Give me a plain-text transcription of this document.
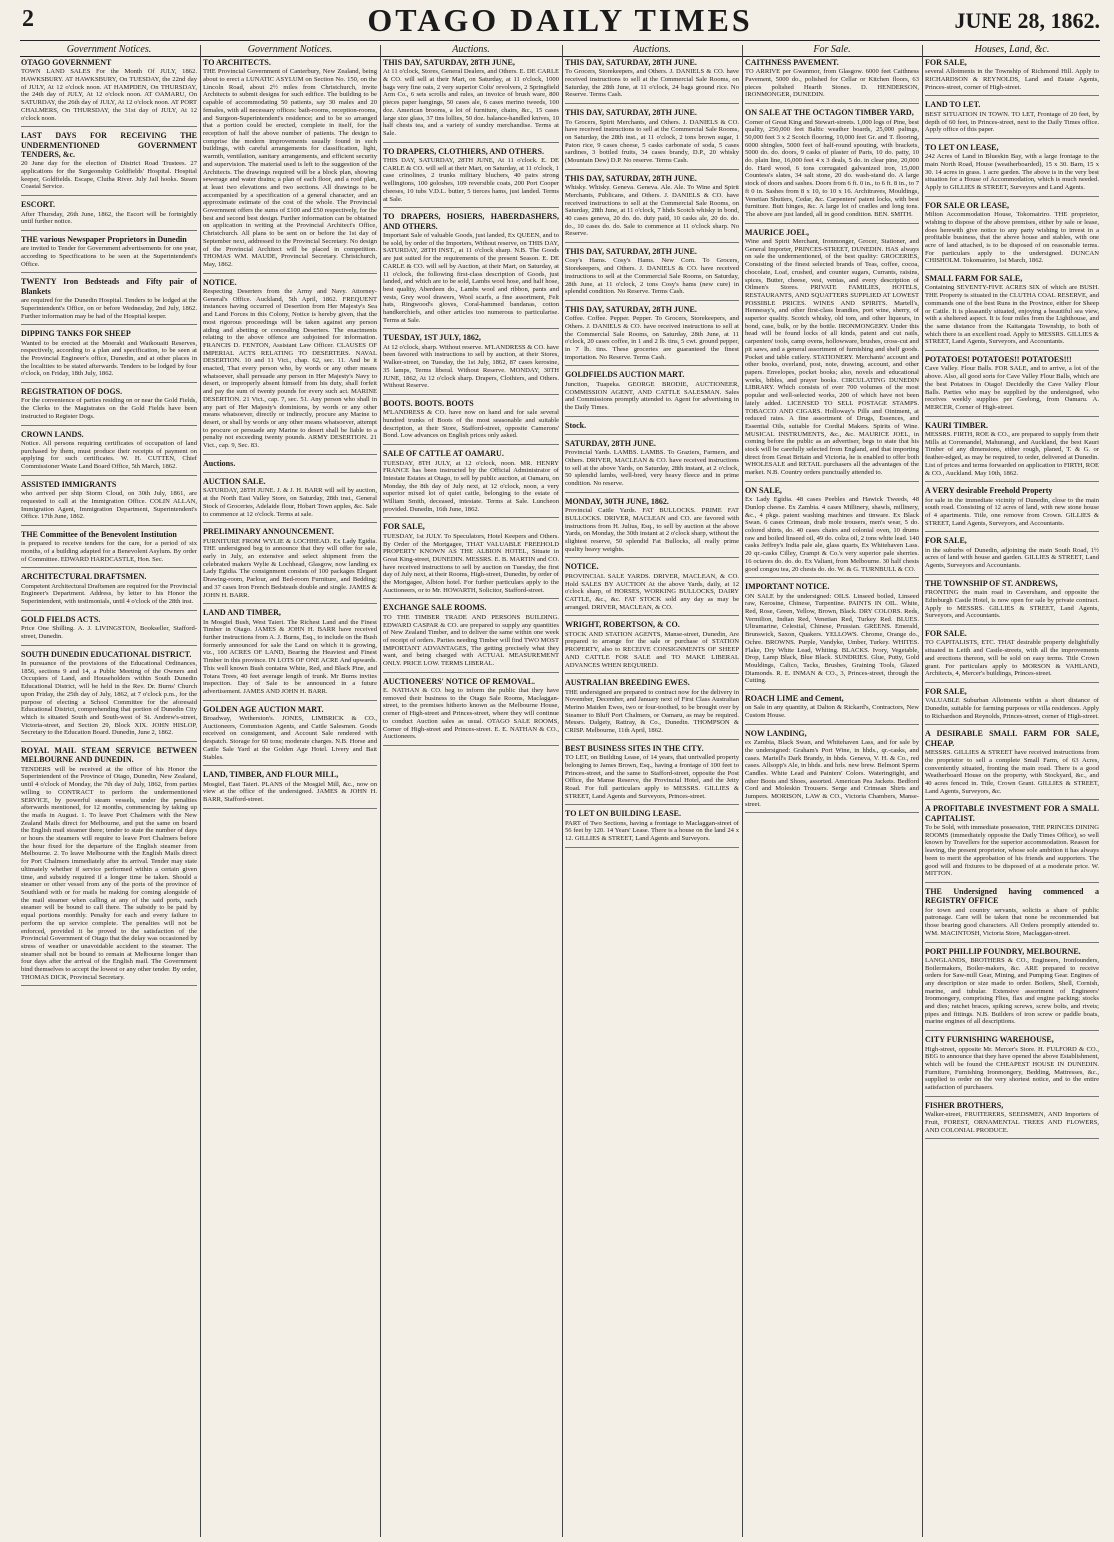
2	OTAGO DAILY TIMES	JUNE 28, 1862.
Government Notices.	Government Notices.	Auctions.	Auctions.	For Sale.	Houses, Land, &c.

OTAGO GOVERNMENT

TOWN LAND SALES For the Month Of JULY, 1862. HAWKSBURY. AT HAWKSBURY, On TUESDAY, the 22nd day of JULY, At 12 o'clock noon. AT HAMPDEN, On THURSDAY, the 24th day of JULY, At 12 o'clock noon. AT OAMARU, On SATURDAY, the 26th day of JULY, At 12 o'clock noon. AT PORT CHALMERS, On THURSDAY, the 31st day of JULY, At 12 o'clock noon.

LAST DAYS FOR RECEIVING THE UNDERMENTIONED GOVERNMENT TENDERS, &c.

20 June day for the election of District Road Trustees. 27 applications for the Surgeonship Goldfields' Hospital. Hospital keeper, Goldfields. Escape, Clutha River. July Jail hooks. Steam Coastal Service.

ESCORT.

After Thursday, 26th June, 1862, the Escort will be fortnightly until further notice.

THE various Newspaper Proprietors in Dunedin

are invited to Tender for Government advertisements for one year, according to Specifications to be seen at the Superintendent's Office.

TWENTY Iron Bedsteads and Fifty pair of Blankets

are required for the Dunedin Hospital. Tenders to be lodged at the Superintendent's Office, on or before Wednesday, 2nd July, 1862. Further information may be had of the Hospital keeper.

DIPPING TANKS FOR SHEEP

Wanted to be erected at the Moeraki and Waikouaiti Reserves, respectively, according to a plan and specification, to be seen at the Provincial Engineer's office, Dunedin, and at other places in the localities to be stated afterwards. Tenders to be lodged by four o'clock, on Friday, 18th July, 1862.

REGISTRATION OF DOGS.

For the convenience of parties residing on or near the Gold Fields, the Clerks to the Magistrates on the Gold Fields have been instructed to Register Dogs.

CROWN LANDS.

Notice. All persons requiring certificates of occupation of land purchased by them, must produce their receipts of payment on applying for such certificates. W. H. CUTTEN, Chief Commissioner Waste Land Board Office, 5th March, 1862.

ASSISTED IMMIGRANTS

who arrived per ship Storm Cloud, on 30th July, 1861, are requested to call at the Immigration Office. COLIN ALLAN, Immigration Agent, Immigration Department, Superintendent's Office. 17th June, 1862.

THE Committee of the Benevolent Institution

is prepared to receive tenders for the care, for a period of six months, of a building adapted for a Benevolent Asylum. By order of Committee. EDWARD HARDCASTLE, Hon. Sec.

ARCHITECTURAL DRAFTSMEN.

Competent Architectural Draftsmen are required for the Provincial Engineer's Department. Address, by letter to his Honor the Superintendent, with testimonials, until 4 o'clock of the 28th inst.

GOLD FIELDS ACTS.

Price One Shilling. A. J. LIVINGSTON, Bookseller, Stafford-street, Dunedin.

SOUTH DUNEDIN EDUCATIONAL DISTRICT.

In pursuance of the provisions of the Educational Ordinances, 1856, sections 9 and 14, a Public Meeting of the Owners and Occupiers of Land, and Householders within South Dunedin Educational District, will be held in the Rev. Dr. Burns' Church upon Friday, the 25th day of July, 1862, at 7 o'clock p.m., for the purpose of electing a School Committee for the aforesaid Educational District, comprehending that portion of Dunedin City which is situated South and South-west of St. Andrew's-street, Victoria-street, and Section 29, Block XIX. JOHN HISLOP, Secretary to the Education Board. Dunedin, June 2, 1862.

ROYAL MAIL STEAM SERVICE BETWEEN MELBOURNE AND DUNEDIN.

TENDERS will be received at the office of his Honor the Superintendent of the Province of Otago, Dunedin, New Zealand, until 4 o'clock of Monday, the 7th day of July, 1862, from parties willing to CONTRACT to perform the undermentioned SERVICE, by powerful steam vessels, under the penalties afterwards mentioned, for 12 months, commencing by taking up the mails in August. 1. To leave Port Chalmers with the New Zealand Mails direct for Melbourne, and put the same on board the English mail steamer there; tender to state the number of days or hours the steamers will require to leave Port Chalmers before the hour fixed for the departure of the English steamer from Melbourne. 2. To leave Melbourne with the English Mails direct for Port Chalmers immediately after its arrival. Tender may state ultimately whether if service performed within a certain given time, and subsidy required if a longer time be taken. Should a steamer or other vessel from any of the ports of the province of Southland with or for mails be making for coming alongside of the mail steamer when calling at any of the said ports, such steamer will be bound to call there. The subsidy to be paid by equal portions monthly. Penalty for each and every failure to perform the up service complete. The penalties will not be enforced, provided it be proved to the satisfaction of the Provincial Government of Otago that the delay was occasioned by stress of weather or unavoidable accident to the steamer. The steamer shall not be bound to remain at Melbourne longer than four days after the arrival of the English mail. The Government bind themselves to accept the lowest or any other tender. By order, THOMAS DICK, Provincial Secretary.

TO ARCHITECTS.

THE Provincial Government of Canterbury, New Zealand, being about to erect a LUNATIC ASYLUM on Section No. 150, on the Lincoln Road, about 2½ miles from Christchurch, invite Architects to submit designs for such edifice. The building to be capable of accommodating 50 patients, say 30 males and 20 females, with all necessary offices: bath-rooms, reception-rooms, and Surgeon-Superintendent's residence; and to be so arranged that a portion could be erected, complete in itself, for the reception of half the above number of patients. The design to comprise the modern improvements usually found in such buildings, with careful arrangements for classification, light, warmth, ventilation, sanitary arrangements, and efficient security and supervision. The material used is left to the suggestion of the Architects. The drawings required will be a block plan, showing sewerage and water drains; a plan of each floor, and a roof plan, at least two elevations and two sections. All drawings to be accompanied by a specification of a general character, and an approximate estimate of the cost of the whole. The Provincial Government offers the sums of £100 and £50 respectively, for the best and second best design. Further information can be obtained on application in writing at the Provincial Architect's Office, Christchurch. All plans to be sent on or before the 1st day of September next, addressed to the Provincial Secretary. No design of the Provincial Architect will be placed in competition. THOMAS WM. MAUDE, Provincial Secretary. Christchurch, May, 1862.

NOTICE.

Respecting Deserters from the Army and Navy. Attorney-General's Office. Auckland, 5th April, 1862. FREQUENT instances having occurred of Desertion from Her Majesty's Sea and Land Forces in this Colony, Notice is hereby given, that the most rigorous proceedings will be taken against any person aiding and abetting or concealing Deserters. The enactments relating to the above offence are subjoined for information. FRANCIS D. FENTON, Assistant Law Officer. CLAUSES OF IMPERIAL ACTS RELATING TO DESERTERS. NAVAL DESERTION. 10 and 11 Vict., chap. 62, sec. 11. And be it enacted, That every person who, by words or any other means whatsoever, shall persuade any person in Her Majesty's Navy to desert, or improperly absent himself from his duty, shall forfeit and pay the sum of twenty pounds for every such act. MARINE DESERTION. 21 Vict., cap. 7, sec. 51. Any person who shall in any part of Her Majesty's dominions, by words or any other means whatsoever, directly or indirectly, procure any Marine to desert, or shall by words or any other means whatsoever, attempt to procure or persuade any Marine to desert shall be liable to a penalty not exceeding twenty pounds. ARMY DESERTION. 21 Vict., cap. 9, Sec. 83.

Auctions.

AUCTION SALE.

SATURDAY, 28TH JUNE. J. & J. H. BARR will sell by auction, at the North East Valley Store, on Saturday, 28th inst., General Stock of Groceries, Adelaide flour, Hobart Town apples, &c. Sale to commence at 12 o'clock. Terms at sale.

PRELIMINARY ANNOUNCEMENT.

FURNITURE FROM WYLIE & LOCHHEAD. Ex Lady Egidia. THE undersigned beg to announce that they will offer for sale, early in July, an extensive and select shipment from the celebrated makers Wylie & Lochhead, Glasgow, now landing ex Lady Egidia. The consignment consists of 100 packages Elegant Drawing-room, Parlour, and Bed-room Furniture, and Bedding; and 37 cases Iron French Bedsteads double and single. JAMES & JOHN H. BARR.

LAND AND TIMBER,

In Mosgiel Bush, West Taieri. The Richest Land and the Finest Timber in Otago. JAMES & JOHN H. BARR have received further instructions from A. J. Burns, Esq., to include on the Bush formerly announced for sale the Land on which it is growing, viz., 100 ACRES OF LAND, Bearing the Heaviest and Finest Timber in this province. IN LOTS OF ONE ACRE And upwards. This well known Bush contains White, Red, and Black Pine, and Totara Trees, 40 feet average length of trunk. Mr Burns invites inspection. Day of Sale to be announced in a future advertisement. JAMES AND JOHN H. BARR.

GOLDEN AGE AUCTION MART.

Broadway, Wetherston's. JONES, LIMBRICK & CO., Auctioneers, Commission Agents, and Cattle Salesmen. Goods received on consignment, and Account Sale rendered with despatch. Storage for 60 tons; moderate charges. N.B. Horse and Cattle Sale Yard at the Golden Age Hotel. Livery and Bait Stables.

LAND, TIMBER, AND FLOUR MILL,

Mosgiel, East Taieri. PLANS of the Mosgiel Mill, &c., now on view at the office of the undersigned. JAMES & JOHN H. BARR, Stafford-street.

THIS DAY, SATURDAY, 28TH JUNE,

At 11 o'clock, Stores, General Dealers, and Others. E. DE CARLE & CO. will sell at their Mart, on Saturday, at 11 o'clock, 1000 bags very fine oats, 2 very superior Colts' revolvers, 2 Springfield Arm Co., 6 sets scrolls and rules, an invoice of brush ware, 800 pieces paper hangings, 50 cases ale, 6 cases merino tweeds, 100 doz. American brooms, a lot of furniture, chairs, &c., 15 cases large size glass, 37 tins lollies, 50 doz. balance-handled knives, 10 half chests tea, and a variety of sundry merchandise. Terms at Sale.

TO DRAPERS, CLOTHIERS, AND OTHERS.

THIS DAY, SATURDAY, 28TH JUNE, At 11 o'clock. E. DE CARLE & CO. will sell at their Mart, on Saturday, at 11 o'clock, 1 case crinolines, 2 trunks military bluchers, 40 pairs strong wellingtons, 100 goloshes, 109 reversible coats, 200 Port Cooper cheeses, 10 tubs V.D.L. butter, 5 tierces hams, just landed. Terms at Sale.

TO DRAPERS, HOSIERS, HABERDASHERS, AND OTHERS.

Important Sale of valuable Goods, just landed, Ex QUEEN, and to be sold, by order of the Importers, Without reserve, on THIS DAY, SATURDAY, 28TH INST., at 11 o'clock sharp. N.B. The Goods are just suited for the requirements of the present Season. E. DE CARLE & CO. will sell by Auction, at their Mart, on Saturday, at 11 o'clock, the following first-class description of Goods, just landed, and which are to be sold, Lambs wool hose, and half hose, best quality, Aberdeen do., Lambs wool and ribbon, pants and vests, Grey wool drawers, Wool scarfs, a fine assortment, Felt hats, Ringwood's gloves, Coral-hammed bandanas, cotton handkerchiefs, and other articles too numerous to particularise. Terms at Sale.

TUESDAY, 1ST JULY, 1862,

At 12 o'clock, sharp. Without reserve. M'LANDRESS & CO. have been favored with instructions to sell by auction, at their Stores, Walker-street, on Tuesday, the 1st July, 1862, 87 cases kerosine, 35 lamps, Terms liberal. Without Reserve. MONDAY, 30TH JUNE, 1862, At 12 o'clock sharp. Drapers, Clothiers, and Others. Without Reserve.

BOOTS. BOOTS. BOOTS

M'LANDRESS & CO. have now on hand and for sale several hundred trunks of Boots of the most seasonable and suitable description, at their Store, Stafford-street, opposite Camerons' Bond. Low advances on English prices only asked.

SALE OF CATTLE AT OAMARU.

TUESDAY, 8TH JULY, at 12 o'clock, noon. MR. HENRY FRANCE has been instructed by the Official Administrator of Intestate Estates at Otago, to sell by public auction, at Oamaru, on Monday, the 8th day of July next, at 12 o'clock, noon, a very superior mixed lot of quiet cattle, belonging to the estate of William Smith, deceased, intestate. Terms at Sale. Luncheon provided. Dunedin, 16th June, 1862.

FOR SALE,

TUESDAY, 1st JULY. To Speculators, Hotel Keepers and Others. By Order of the Mortgagee, THAT VALUABLE FREEHOLD PROPERTY KNOWN AS THE ALBION HOTEL, Situate in Great King-street, DUNEDIN. MESSRS. E. B. MARTIN and CO. have received instructions to sell by auction on Tuesday, the first day of July next, at their Rooms, High-street, Dunedin, by order of the Mortgagee, Albion hotel. For further particulars apply to the Auctioneers, or to Mr. HOWARTH, Solicitor, Stafford-street.

EXCHANGE SALE ROOMS.

TO THE TIMBER TRADE AND PERSONS BUILDING. EDWARD CASPAR & CO. are prepared to supply any quantities of New Zealand Timber, and to deliver the same within one week of receipt of orders. Parties needing Timber will find TWO MOST IMPORTANT ADVANTAGES, The getting precisely what they want, and being charged with ACTUAL MEASUREMENT ONLY. PRICE LOW. TERMS LIBERAL.

AUCTIONEERS' NOTICE OF REMOVAL.

E. NATHAN & CO. beg to inform the public that they have removed their business to the Otago Sale Rooms, Maclaggan-street, to the premises hitherto known as the Melbourne House, corner of High-street and Princes-street, where they will continue to conduct Auction sales as usual. OTAGO SALE ROOMS, Corner of High-street and Princes-street. E. E. NATHAN & CO., Auctioneers.

THIS DAY, SATURDAY, 28TH JUNE.

To Grocers, Storekeepers, and Others. J. DANIELS & CO. have received instructions to sell at the Commercial Sale Rooms, on Saturday, the 28th June, at 11 o'clock, 24 bags ground rice. No Reserve. Terms Cash.

THIS DAY, SATURDAY, 28TH JUNE.

To Grocers, Spirit Merchants, and Others. J. DANIELS & CO. have received instructions to sell at the Commercial Sale Rooms, on Saturday, the 28th inst., at 11 o'clock, 2 tons brown sugar, 1 Paton rice, 9 cases cheese, 5 casks carbonate of soda, 5 cases sardines, 3 bottled fruits, 34 cases brandy, D.P., 20 whisky (Mountain Dew) D.P. No reserve. Terms Cash.

THIS DAY, SATURDAY, 28TH JUNE.

Whisky. Whisky. Geneva. Geneva. Ale. Ale. To Wine and Spirit Merchants, Publicans, and Others. J. DANIELS & CO. have received instructions to sell at the Commercial Sale Rooms, on Saturday, 28th June, at 11 o'clock, 7 hhds Scotch whisky in bond, 40 cases geneva, 20 do. do. duty paid, 10 casks ale, 20 do. do. do., 10 cases do. do. Sale to commence at 11 o'clock sharp. No Reserve.

THIS DAY, SATURDAY, 28TH JUNE.

Cosy's Hams. Cosy's Hams. New Corn. To Grocers, Storekeepers, and Others. J. DANIELS & CO. have received instructions to sell at the Commercial Sale Rooms, on Saturday, 28th June, at 11 o'clock, 2 tons Cosy's hams (new cure) in splendid condition. No Reserve. Terms Cash.

THIS DAY, SATURDAY, 28TH JUNE.

Coffee. Coffee. Pepper. Pepper. To Grocers, Storekeepers, and Others. J. DANIELS & CO. have received instructions to sell at the Commercial Sale Rooms, on Saturday, 28th June, at 11 o'clock, 20 cases coffee, in 1 and 2 lb. tins, 5 cwt. ground pepper, in 7 lb. tins. These groceries are guaranteed the finest importation. No Reserve. Terms Cash.

GOLDFIELDS AUCTION MART.

Junction, Tuapeka. GEORGE BRODIE, AUCTIONEER, COMMISSION AGENT, AND CATTLE SALESMAN. Sales and Commissions promptly attended to. Agent for advertising in the Daily Times.

Stock.

SATURDAY, 28TH JUNE.

Provincial Yards. LAMBS. LAMBS. To Graziers, Farmers, and Others. DRIVER, MACLEAN & CO. have received instructions to sell at the above Yards, on Saturday, 28th instant, at 2 o'clock, 50 splendid lambs, well-bred, very heavy fleece and in prime condition. No reserve.

MONDAY, 30TH JUNE, 1862.

Provincial Cattle Yards. FAT BULLOCKS. PRIME FAT BULLOCKS. DRIVER, MACLEAN and CO. are favored with instructions from H. Julius, Esq., to sell by auction at the above Yards, on Monday, the 30th instant at 2 o'clock sharp, without the slightest reserve, 50 splendid Fat Bullocks, all really prime quality heavy weights.

NOTICE.

PROVINCIAL SALE YARDS. DRIVER, MACLEAN, & CO. Hold SALES BY AUCTION At the above Yards, daily, at 12 o'clock sharp, of HORSES, WORKING BULLOCKS, DAIRY CATTLE, &c., &c. FAT STOCK sold any day as may be arranged. DRIVER, MACLEAN, & CO.

WRIGHT, ROBERTSON, & CO.

STOCK AND STATION AGENTS, Manse-street, Dunedin, Are prepared to arrange for the sale or purchase of STATION PROPERTY, also to RECEIVE CONSIGNMENTS OF SHEEP AND CATTLE FOR SALE and TO MAKE LIBERAL ADVANCES WHEN REQUIRED.

AUSTRALIAN BREEDING EWES.

THE undersigned are prepared to contract now for the delivery in November, December, and January next of First Class Australian Merino Maiden Ewes, two or four-toothed, to be brought over by Steamer to Bluff Port Chalmers, or Oamaru, as may be required. Messrs. Dalgety, Rattray, & Co., Dunedin. THOMPSON & CRISP. Melbourne, 11th April, 1862.

BEST BUSINESS SITES IN THE CITY.

TO LET, on Building Lease, of 14 years, that unrivalled property belonging to James Brown, Esq., having a frontage of 100 feet to Princes-street, and the same to Stafford-street, opposite the Post Office, the Manse Reserve, the Provincial Hotel, and the Jetty Road. For full particulars apply to MESSRS. GILLIES & STREET, Land Agents and Surveyors, Princes-street.

TO LET ON BUILDING LEASE.

PART of Two Sections, having a frontage to Maclaggan-street of 56 feet by 120. 14 Years' Lease. There is a house on the land 24 x 12. GILLIES & STREET, Land Agents and Surveyors.

CAITHNESS PAVEMENT.

TO ARRIVE per Gwanmor, from Glasgow. 6000 feet Caithness Pavement, 5000 do., polished for Cellar or Kitchen floors, 63 pieces polished Hearth Stones. D. HENDERSON, IRONMONGER, DUNEDIN.

ON SALE AT THE OCTAGON TIMBER YARD,

Corner of Great King and Stewart-streets. 1,000 logs of Pine, best quality, 250,000 feet Baltic weather boards, 25,000 palings, 50,000 feet 3 x 2 Scotch flooring, 10,000 feet Gr. and T. flooring, 6000 shingles, 5000 feet of half-round spouting, with brackets, 5000 do. do. doors, 9 casks of plaster of Paris, 10 do. patty, 10 do. plain line, 16,000 feet 4 x 3 deals, 5 do. in clear pine, 20,000 do. Hard wood, 6 tons corrugated galvanized iron, 15,000 Countess's slates, 34 salt stone, 20 do. wash-stand do. A large stock of doors and sashes. Doors from 6 ft. 0 in., to 6 ft. 8 in., to 7 ft 0 in. Sashes from 8 x 10, to 10 x 16. Architraves, Mouldings, Venetian Shutters, Cedar, &c. Carpenters' patent locks, with best furniture. Butt hinges, &c. A large lot of cradles and long tons. The above are just landed, all in good condition. BEN. SMITH.

MAURICE JOEL,

Wine and Spirit Merchant, Ironmonger, Grocer, Stationer, and General Importer, PRINCES-STREET, DUNEDIN. HAS always on sale the undermentioned, of the best quality: GROCERIES, Consisting of the finest selected brands of Teas, coffee, cocoa, chocolate, Loaf, crushed, and counter sugars, Currants, raisins, spices, Butter, cheese, vest, ventas, and every description of Oilmen's Stores. PRIVATE FAMILIES, HOTELS, RESTAURANTS, AND SQUATTERS SUPPLIED AT LOWEST POSSIBLE PRICES. WINES AND SPIRITS. Martell's, Hennessy's, and other first-class brandies, port wine, sherry, of superior quality. Scotch whisky, old tom, and other liqueurs, in bond, case, bulk, or by the bottle. IRONMONGERY. Under this head will be found locks of all kinds, patent and cut nails, carpenters' tools, camp ovens, hollowware, brushes, cross-cut and pit saws, and a general assortment of furnishing and shelf goods. Pocket and table cutlery. STATIONERY. Merchants' account and other books, overland, post, note, drawing, account, and other papers. Envelopes, pocket books; also, novels and educational works, bibles, and prayer books. CIRCULATING DUNEDIN LIBRARY. Which consists of over 700 volumes of the most popular and well-selected works, 200 of which have not been lately added. LICENSED TO SELL POSTAGE STAMPS. TOBACCO AND CIGARS. Holloway's Pills and Ointment, at reduced rates. A fine assortment of Drugs, Essences, and Essential Oils, suitable for Cordial Makers. Spirits of Wine. MUSICAL INSTRUMENTS, &c., &c. MAURICE JOEL, in coming before the public as an advertiser, begs to state that his stock will be carefully selected from England, and that importing direct from Great Britain and Victoria, he is enabled to offer both WHOLESALE and RETAIL purchasers all the advantages of the market. N.B. Country orders punctually attended to.

ON SALE,

Ex Lady Egidia. 48 cases Peebles and Hawick Tweeds, 48 Dunlop cheese. Ex Zambia. 4 cases Millinery, shawls, millinery, &c., 4 pkgs. patent washing machines and tinware. Ex Black Swan. 6 cases Crimean, drab mole trousers, men's wear, 5 do. colored shirts, do. 40 cases chairs and colonial oven, 10 drums raw and boiled linseed oil, 49 do. colza oil, 2 tons white lead. 140 casks Jeffrey's India pale ale, glass quarts, Ex Whitehaven Lass. 20 qr.-casks Cilley, Crampt & Co.'s very superior pale sherries. 16 octaves do. do. do. Ex Valiant, from Melbourne. 30 half chests good congou tea, 20 chests do. do. W. & G. TURNBULL & CO.

IMPORTANT NOTICE.

ON SALE by the undersigned: OILS. Linseed boiled, Linseed raw, Kerosine, Chinese, Turpentine. PAINTS IN OIL. White, Red, Rose, Green, Yellow, Brown, Black. DRY COLORS. Reds, Vermilion, Indian Red, Venetian Red, Turkey Red. BLUES. Ultramarine, Celestial, Chinese, Prussian. GREENS. Emerald, Brunswick, Saxon, Quakers. YELLOWS. Chrome, Orange do., Ochre. BROWNS. Purple, Vandyke, Umber, Turkey. WHITES. Flake, Dry White Lead, Whiting. BLACKS. Ivory, Vegetable, Drop, Lamp Black, Blue Black. SUNDRIES. Glue, Putty, Gold Mouldings, Calico, Tacks, Brushes, Graining Tools, Glazed Diamonds. R. E. INMAN & CO., 3, Princes-street, through the Cutting.

ROACH LIME and Cement,

on Sale in any quantity, at Dalton & Rickard's, Contractors, New Custom House.

NOW LANDING,

ex Zambia, Black Swan, and Whitehaven Lass, and for sale by the undersigned: Graham's Port Wine, in hhds., qr.-casks, and cases. Martell's Dark Brandy, in hhds. Geneva, V. H. & Co., red cases. Allsopp's Ale, in hhds. and hrls. new brew. Belmont Sperm Candles. White Lead and Painters' Colors. Wateringtight, and other Boots and Shoes, assorted. American Pea Jackets. Bedford Cord and Moleskin Trousers. Serge and Crimean Shirts and Jumpers. MORISON, LAW & CO., Victoria Chambers, Manse-street.

FOR SALE,

several Allotments in the Township of Richmond Hill. Apply to RICHARDSON & REYNOLDS, Land and Estate Agents, Princes-street, corner of High-street.

LAND TO LET.

BEST SITUATION IN TOWN. TO LET, Frontage of 20 feet, by depth of 60 feet, in Princes-street, next to the Daily Times office. Apply office of this paper.

TO LET ON LEASE,

242 Acres of Land in Blueskin Bay, with a large frontage to the main North Road, House (weatherboarded), 15 x 30. Barn, 15 x 30. 14 acres in grass. 1 acre garden. The above is in the very best situation for a House of Accommodation, which is much needed. Apply to GILLIES & STREET, Surveyors and Land Agents.

FOR SALE OR LEASE,

Milton Accommodation House, Tokomairiro. THE proprietor, wishing to dispose of the above premises, either by sale or lease, does herewith give notice to any party wishing to invest in a profitable business, that the above house and stables, with one acre of land attached, is to be disposed of on reasonable terms. For particulars apply to the undersigned. DUNCAN CHISHOLM. Tokomairiro, 1st March, 1862.

SMALL FARM FOR SALE,

Containing SEVENTY-FIVE ACRES SIX of which are BUSH. THE Property is situated in the CLUTHA COAL RESERVE, and commands one of the best Runs in the Province, either for Sheep or Cattle. It is pleasantly situated, enjoying a beautiful sea view, with a sheltered aspect. It is four miles from the Lighthouse, and the same distance from the Kaitangata Township, to both of which there is an excellent road. Apply to MESSRS. GILLIES & STREET, Land Agents, Surveyors, and Accountants.

POTATOES! POTATOES!! POTATOES!!!

Cave Valley. Flour Balls. FOR SALE, and to arrive, a lot of the above. Also, all good sorts for Cave Valley Flour Balls, which are the best Potatoes in Otago! Decidedly the Cave Valley Flour Balls. Parties who may be supplied by the undersigned, who receives weekly supplies per Geelong, from Oamaru. A. MERCER, Corner of High-street.

KAURI TIMBER.

MESSRS. FIRTH, ROE & CO., are prepared to supply from their Mills at Coromandel, Mahurangi, and Auckland, the best Kauri Timber of any dimensions, either rough, planed, T. & G. or feather-edged, as may be required, to order, delivered at Dunedin. List of prices and terms forwarded on application to FIRTH, ROE & CO., Auckland. May 10th, 1862.

A VERY desirable Freehold Property

for sale in the immediate vicinity of Dunedin, close to the main south road. Consisting of 12 acres of land, with new stone house of 4 apartments. Title, one remove from Crown. GILLIES & STREET, Land Agents, Surveyors, and Accountants.

FOR SALE,

in the suburbs of Dunedin, adjoining the main South Road, 1½ acres of land with house and garden. GILLIES & STREET, Land Agents, Surveyors and Accountants.

THE TOWNSHIP OF ST. ANDREWS,

FRONTING the main road in Caversham, and opposite the Edinburgh Castle Hotel, is now open for sale by private contract. Apply to MESSRS. GILLIES & STREET, Land Agents, Surveyors, and Accountants.

FOR SALE.

TO CAPITALISTS, ETC. THAT desirable property delightfully situated in Leith and Castle-streets, with all the improvements and erections thereon, will be sold on easy terms. Title Crown grant. For particulars apply to MORSON & VAHLAND, Architects, 4, Mercer's buildings, Princes-street.

FOR SALE,

VALUABLE Suburban Allotments within a short distance of Dunedin, suitable for farming purposes or villa residences. Apply to Richardson and Reynolds, Princes-street, corner of High-street.

A DESIRABLE SMALL FARM FOR SALE, CHEAP.

MESSRS. GILLIES & STREET have received instructions from the proprietor to sell a complete Small Farm, of 63 Acres, conveniently situated, fronting the main road. There is a good Weatherboard House on the property, with Stockyard, &c., and 40 acres fenced in. Title, Crown Grant. GILLIES & STREET, Land Agents, Surveyors, &c.

A PROFITABLE INVESTMENT FOR A SMALL CAPITALIST.

To be Sold, with immediate possession, THE PRINCES DINING ROOMS (immediately opposite the Daily Times Office), so well known by Travellers for the superior accommodation. Reason for leaving, the present proprietor, whose sole ambition it has always been to merit the approbation of his friends and supporters. The good will and fixtures to be disposed of at a moderate price. W. MITTON.

THE Undersigned having commenced a REGISTRY OFFICE

for town and country servants, solicits a share of public patronage. Care will be taken that none be recommended but those bearing good characters. All Orders promptly attended to. WM. MACINTOSH, Victoria Store, Maclaggan-street.

PORT PHILLIP FOUNDRY, MELBOURNE.

LANGLANDS, BROTHERS & CO., Engineers, Ironfounders, Boilermakers, Boiler-makers, &c. ARE prepared to receive orders for Saw-mill Gear, Mining, and Pumping Gear. Engines of any description or size made to order. Boilers, Shell, Cornish, marine, and tubular. Extensive assortment of Engineers' Ironmongery, comprising Flies, flax and engine packing; stocks and dies; ratchet braces, spiking screws, screw bolts, and rivets; pipes and fittings. N.B. Builders of iron screw or paddle boats, marine engines of all descriptions.

CITY FURNISHING WAREHOUSE,

High-street, opposite Mr. Mercer's Store. H. FULFORD & CO., BEG to announce that they have opened the above Establishment, which will be found the CHEAPEST HOUSE IN DUNEDIN. Furniture, Furnishing Ironmongery, Bedding, Mattresses, &c., supplied to order on the very shortest notice, and to the entire satisfaction of purchasers.

FISHER BROTHERS,

Walker-street, FRUITERERS, SEEDSMEN, AND Importers of Fruit, FOREST, ORNAMENTAL TREES AND FLOWERS, AND COLONIAL PRODUCE.
